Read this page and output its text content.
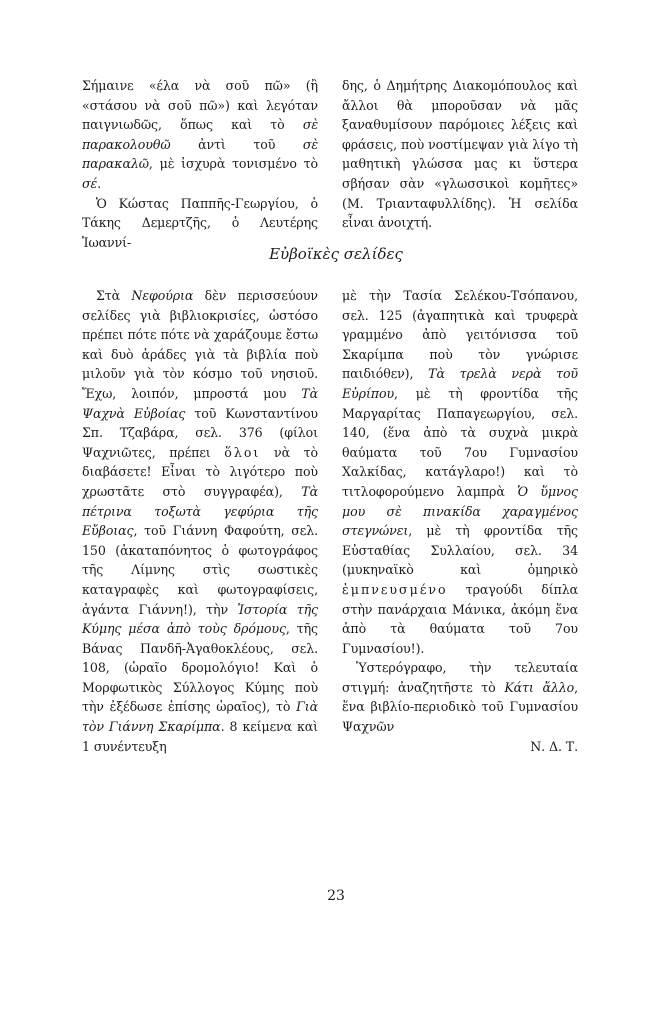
Σήμαινε «έλα νὰ σοῦ πῶ» (ἢ «στάσου νὰ σοῦ πῶ») καὶ λεγόταν παιγνιωδῶς, ὅπως καὶ τὸ σὲ παρακολουθῶ ἀντὶ τοῦ σὲ παρακαλῶ, μὲ ἰσχυρὰ τονισμένο τὸ σέ.

Ὁ Κώστας Παππῆς-Γεωργίου, ὁ Τάκης Δεμερτζῆς, ὁ Λευτέρης Ἰωαννί-

δης, ὁ Δημήτρης Διακομόπουλος καὶ ἄλλοι θὰ μποροῦσαν νὰ μᾶς ξαναθυμίσουν παρόμοιες λέξεις καὶ φράσεις, ποὺ νοστίμεψαν γιὰ λίγο τὴ μαθητικὴ γλώσσα μας κι ὕστερα σβήσαν σὰν «γλωσσικοὶ κομῆτες» (Μ. Τριανταφυλλίδης). Ἡ σελίδα εἶναι ἀνοιχτή.

Εὐβοϊκὲς σελίδες

Στὰ Νεφούρια δὲν περισσεύουν σελίδες γιὰ βιβλιοκρισίες, ὡστόσο πρέπει πότε πότε νὰ χαράζουμε ἔστω καὶ δυὸ ἀράδες γιὰ τὰ βιβλία ποὺ μιλοῦν γιὰ τὸν κόσμο τοῦ νησιοῦ. Ἔχω, λοιπόν, μπροστά μου Τὰ Ψαχνὰ Εὐβοίας τοῦ Κωνσταντίνου Σπ. Τζαβάρα, σελ. 376 (φίλοι Ψαχνιῶτες, πρέπει ὅλοι νὰ τὸ διαβάσετε! Εἶναι τὸ λιγότερο ποὺ χρωστᾶτε στὸ συγγραφέα), Τὰ πέτρινα τοξωτὰ γεφύρια τῆς Εὔβοιας, τοῦ Γιάννη Φαφούτη, σελ. 150 (ἀκαταπόνητος ὁ φωτογράφος τῆς Λίμνης στὶς σωστικὲς καταγραφὲς καὶ φωτογραφίσεις, ἀγάντα Γιάννη!), τὴν Ἱστορία τῆς Κύμης μέσα ἀπὸ τοὺς δρόμους, τῆς Βάνας Πανδῆ-Ἀγαθοκλέους, σελ. 108, (ὡραῖο δρομολόγιο! Καὶ ὁ Μορφωτικὸς Σύλλογος Κύμης ποὺ τὴν ἐξέδωσε ἐπίσης ὡραῖος), τὸ Γιὰ τὸν Γιάννη Σκαρίμπα. 8 κείμενα καὶ 1 συνέντευξη

μὲ τὴν Τασία Σελέκου-Τσόπανου, σελ. 125 (ἀγαπητικὰ καὶ τρυφερὰ γραμμένο ἀπὸ γειτόνισσα τοῦ Σκαρίμπα ποὺ τὸν γνώρισε παιδιόθεν), Τὰ τρελὰ νερὰ τοῦ Εὐρίπου, μὲ τὴ φροντίδα τῆς Μαργαρίτας Παπαγεωργίου, σελ. 140, (ἕνα ἀπὸ τὰ συχνὰ μικρὰ θαύματα τοῦ 7ου Γυμνασίου Χαλκίδας, κατάγλαρο!) καὶ τὸ τιτλοφορούμενο λαμπρὰ Ὁ ὕμνος μου σὲ πινακίδα χαραγμένος στεγνώνει, μὲ τὴ φροντίδα τῆς Εὐσταθίας Συλλαίου, σελ. 34 (μυκηναϊκὸ καὶ ὀμηρικὸ ἐμπνευσμένο τραγούδι δίπλα στὴν πανάρχαια Μάνικα, ἀκόμη ἕνα ἀπὸ τὰ θαύματα τοῦ 7ου Γυμνασίου!).

Ὑστερόγραφο, τὴν τελευταία στιγμή: ἀναζητῆστε τὸ Κάτι ἄλλο, ἕνα βιβλίο-περιοδικὸ τοῦ Γυμνασίου Ψαχνῶν

Ν. Δ. Τ.

23
